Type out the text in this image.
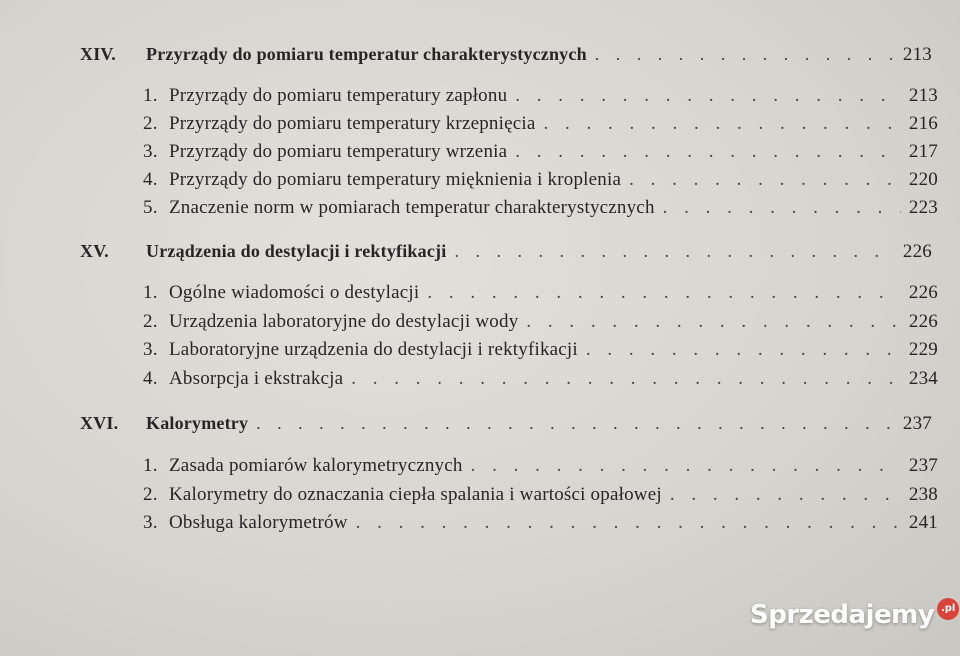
XIV.	Przyrządy do pomiaru temperatur charakterystycznych . . .	213
1. Przyrządy do pomiaru temperatury zapłonu . . .	213
2. Przyrządy do pomiaru temperatury krzepnięcia . . .	216
3. Przyrządy do pomiaru temperatury wrzenia . . .	217
4. Przyrządy do pomiaru temperatury mięknienia i kroplenia . . .	220
5. Znaczenie norm w pomiarach temperatur charakterystycznych . . .	223
XV.	Urządzenia do destylacji i rektyfikacji . . .	226
1. Ogólne wiadomości o destylacji . . .	226
2. Urządzenia laboratoryjne do destylacji wody . . .	226
3. Laboratoryjne urządzenia do destylacji i rektyfikacji . . .	229
4. Absorpcja i ekstrakcja . . .	234
XVI.	Kalorymetry . . .	237
1. Zasada pomiarów kalorymetrycznych . . .	237
2. Kalorymetry do oznaczania ciepła spalania i wartości opałowej . . .	238
3. Obsługa kalorymetrów . . .	241
Sprzedajemy .pl
